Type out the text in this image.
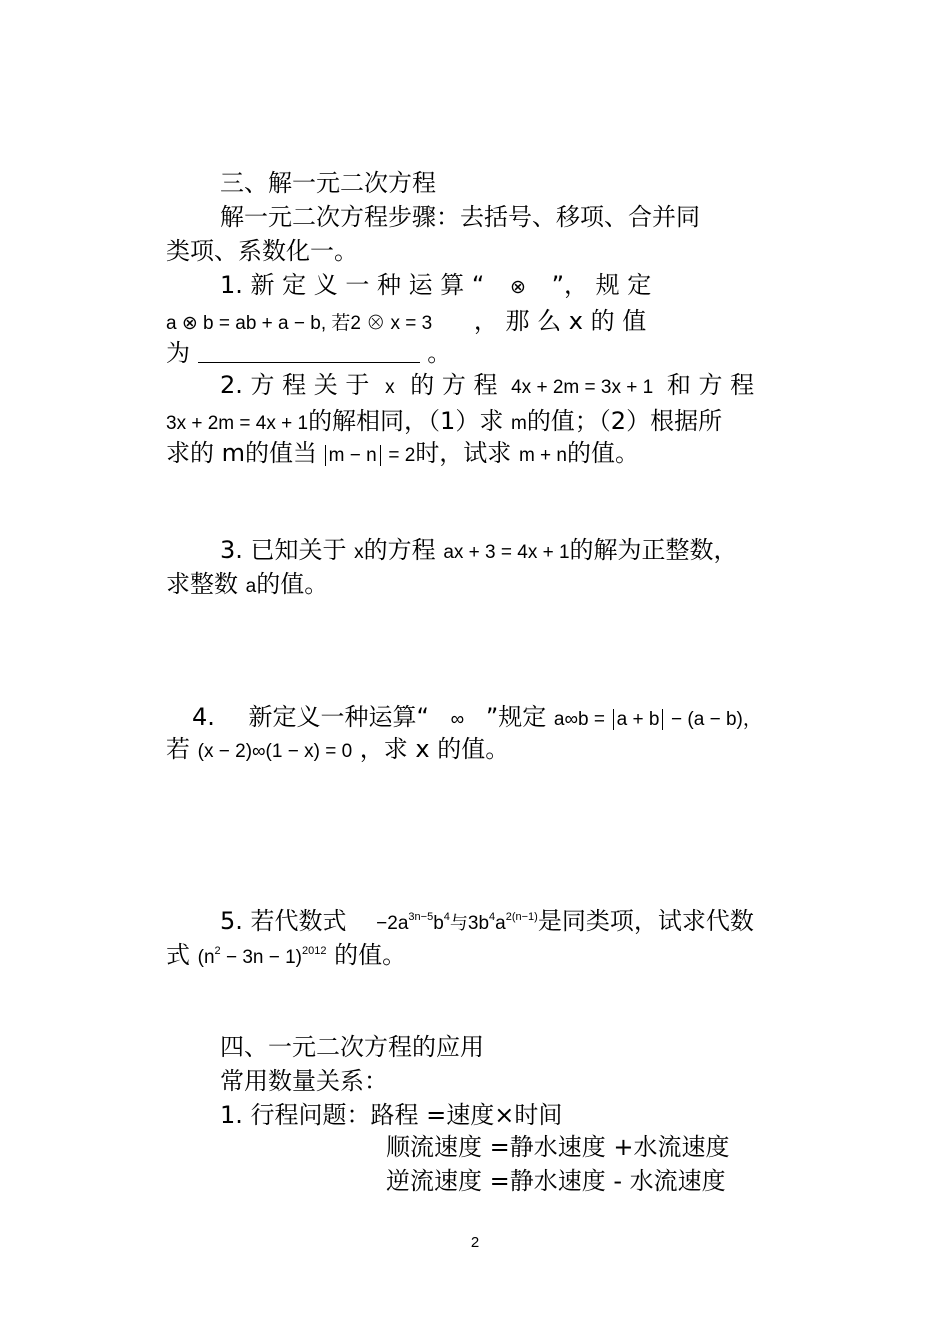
三、解一元二次方程
解一元二次方程步骤：去括号、移项、合并同
类项、系数化一。
1. 新 定 义 一 种 运 算 “ ⊗ ”， 规 定
a ⊗ b = ab + a − b, 若2 ⊗ x = 3 ， 那 么 x 的 值
为	。
2. 方 程 关 于 x 的 方 程 4x + 2m = 3x + 1 和 方 程
3x + 2m = 4x + 1的解相同，（1）求 m的值；（2）根据所
求的 m的值当 m − n = 2时，试求 m + n的值。
3. 已知关于 x的方程 ax + 3 = 4x + 1的解为正整数，
求整数 a的值。
4. 新定义一种运算“ ∞ ”规定 a∞b = a + b − (a − b)，
若 (x − 2)∞(1 − x) = 0 ，求 x 的值。
5. 若代数式 $-2a^{3n-5}b^4$与$3b^4a^{2(n-1)}$是同类项，试求代数
式 $(n^2 - 3n - 1)^{2012}$ 的值。
四、一元二次方程的应用
常用数量关系：
1. 行程问题：路程 =速度×时间
顺流速度 =静水速度 +水流速度
逆流速度 =静水速度 - 水流速度
2
